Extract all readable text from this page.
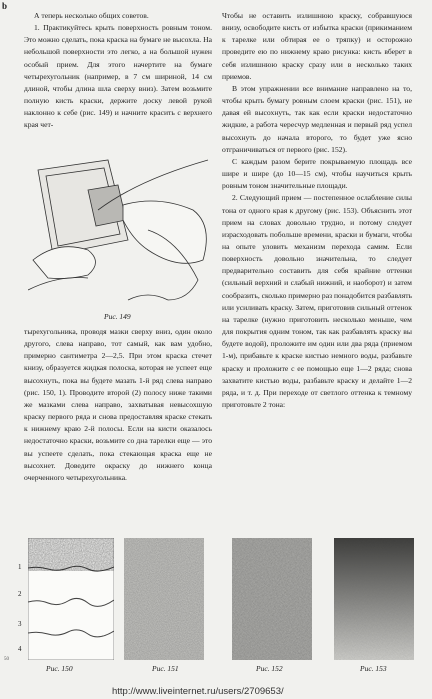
b

А теперь несколько общих советов.

1. Практикуйтесь крыть поверхность ровным тоном. Это можно сделать, пока краска на бумаге не высохла. На небольшой поверхности это легко, а на большой нужен особый прием. Для этого начертите на бумаге четырехугольник (например, в 7 см шириной, 14 см длиной, чтобы длина шла сверху вниз). Затем возьмите полную кисть краски, держите доску левой рукой наклонно к себе (рис. 149) и начните красить с верхнего края чет-

Рис. 149

тырехугольника, проводя мазки сверху вниз, один около другого, слева направо, тот самый, как вам удобно, примерно сантиметра 2—2,5. При этом краска стечет книзу, образуется жидкая полоска, которая не успеет еще высохнуть, пока вы будете мазать 1-й ряд слева направо (рис. 150, 1). Проводите второй (2) полосу ниже такими же мазками слева направо, захватывая невысохшую краску первого ряда и снова предоставляя краске стекать к нижнему краю 2-й полосы. Если на кисти оказалось недостаточно краски, возьмите со дна тарелки еще — это вы успеете сделать, пока стекающая краска еще не высохнет. Доведите окраску до нижнего конца очерченного четырехугольника.

Чтобы не оставить излишнюю краску, собравшуюся внизу, освободите кисть от избытка краски (прикиманием к тарелке или обтирая ее о тряпку) и осторожно проведите ею по нижнему краю рисунка: кисть вберет в себя излишнюю краску сразу или в несколько таких приемов.

В этом упражнении все внимание направлено на то, чтобы крыть бумагу ровным слоем краски (рис. 151), не давая ей высохнуть, так как если краски недостаточно жидкие, а работа чересчур медленная и первый ряд успел высохнуть до начала второго, то будет уже ясно отграничиваться от первого (рис. 152).

С каждым разом берите покрываемую площадь все шире и шире (до 10—15 см), чтобы научиться крыть ровным тоном значительные площади.

2. Следующий прием — постепенное ослабление силы тона от одного края к другому (рис. 153). Объяснить этот прием на словах довольно трудно, и потому следует израсходовать побольше времени, краски и бумаги, чтобы на опыте уловить механизм перехода самим. Если поверхность довольно значительна, то следует предварительно составить для себя крайние оттенки (сильный верхний и слабый нижний, и наоборот) и затем сообразить, сколько примерно раз понадобится разбавлять или усиливать краску. Затем, приготовив сильный оттенок на тарелке (нужно приготовить несколько меньше, чем для покрытия одним тоном, так как разбавлять краску вы будете водой), проложите им один или два ряда (приемом 1-м), прибавьте к краске кистью немного воды, разбавьте краску и проложите с ее помощью еще 1—2 ряда; снова захватите кистью воды, разбавьте краску и делайте 1—2 ряда, и т. д. При переходе от светлого оттенка к темному приготовьте 2 тона:

1
2
3
4
Рис. 150	Рис. 151	Рис. 152	Рис. 153
50
http://www.liveinternet.ru/users/2709653/
